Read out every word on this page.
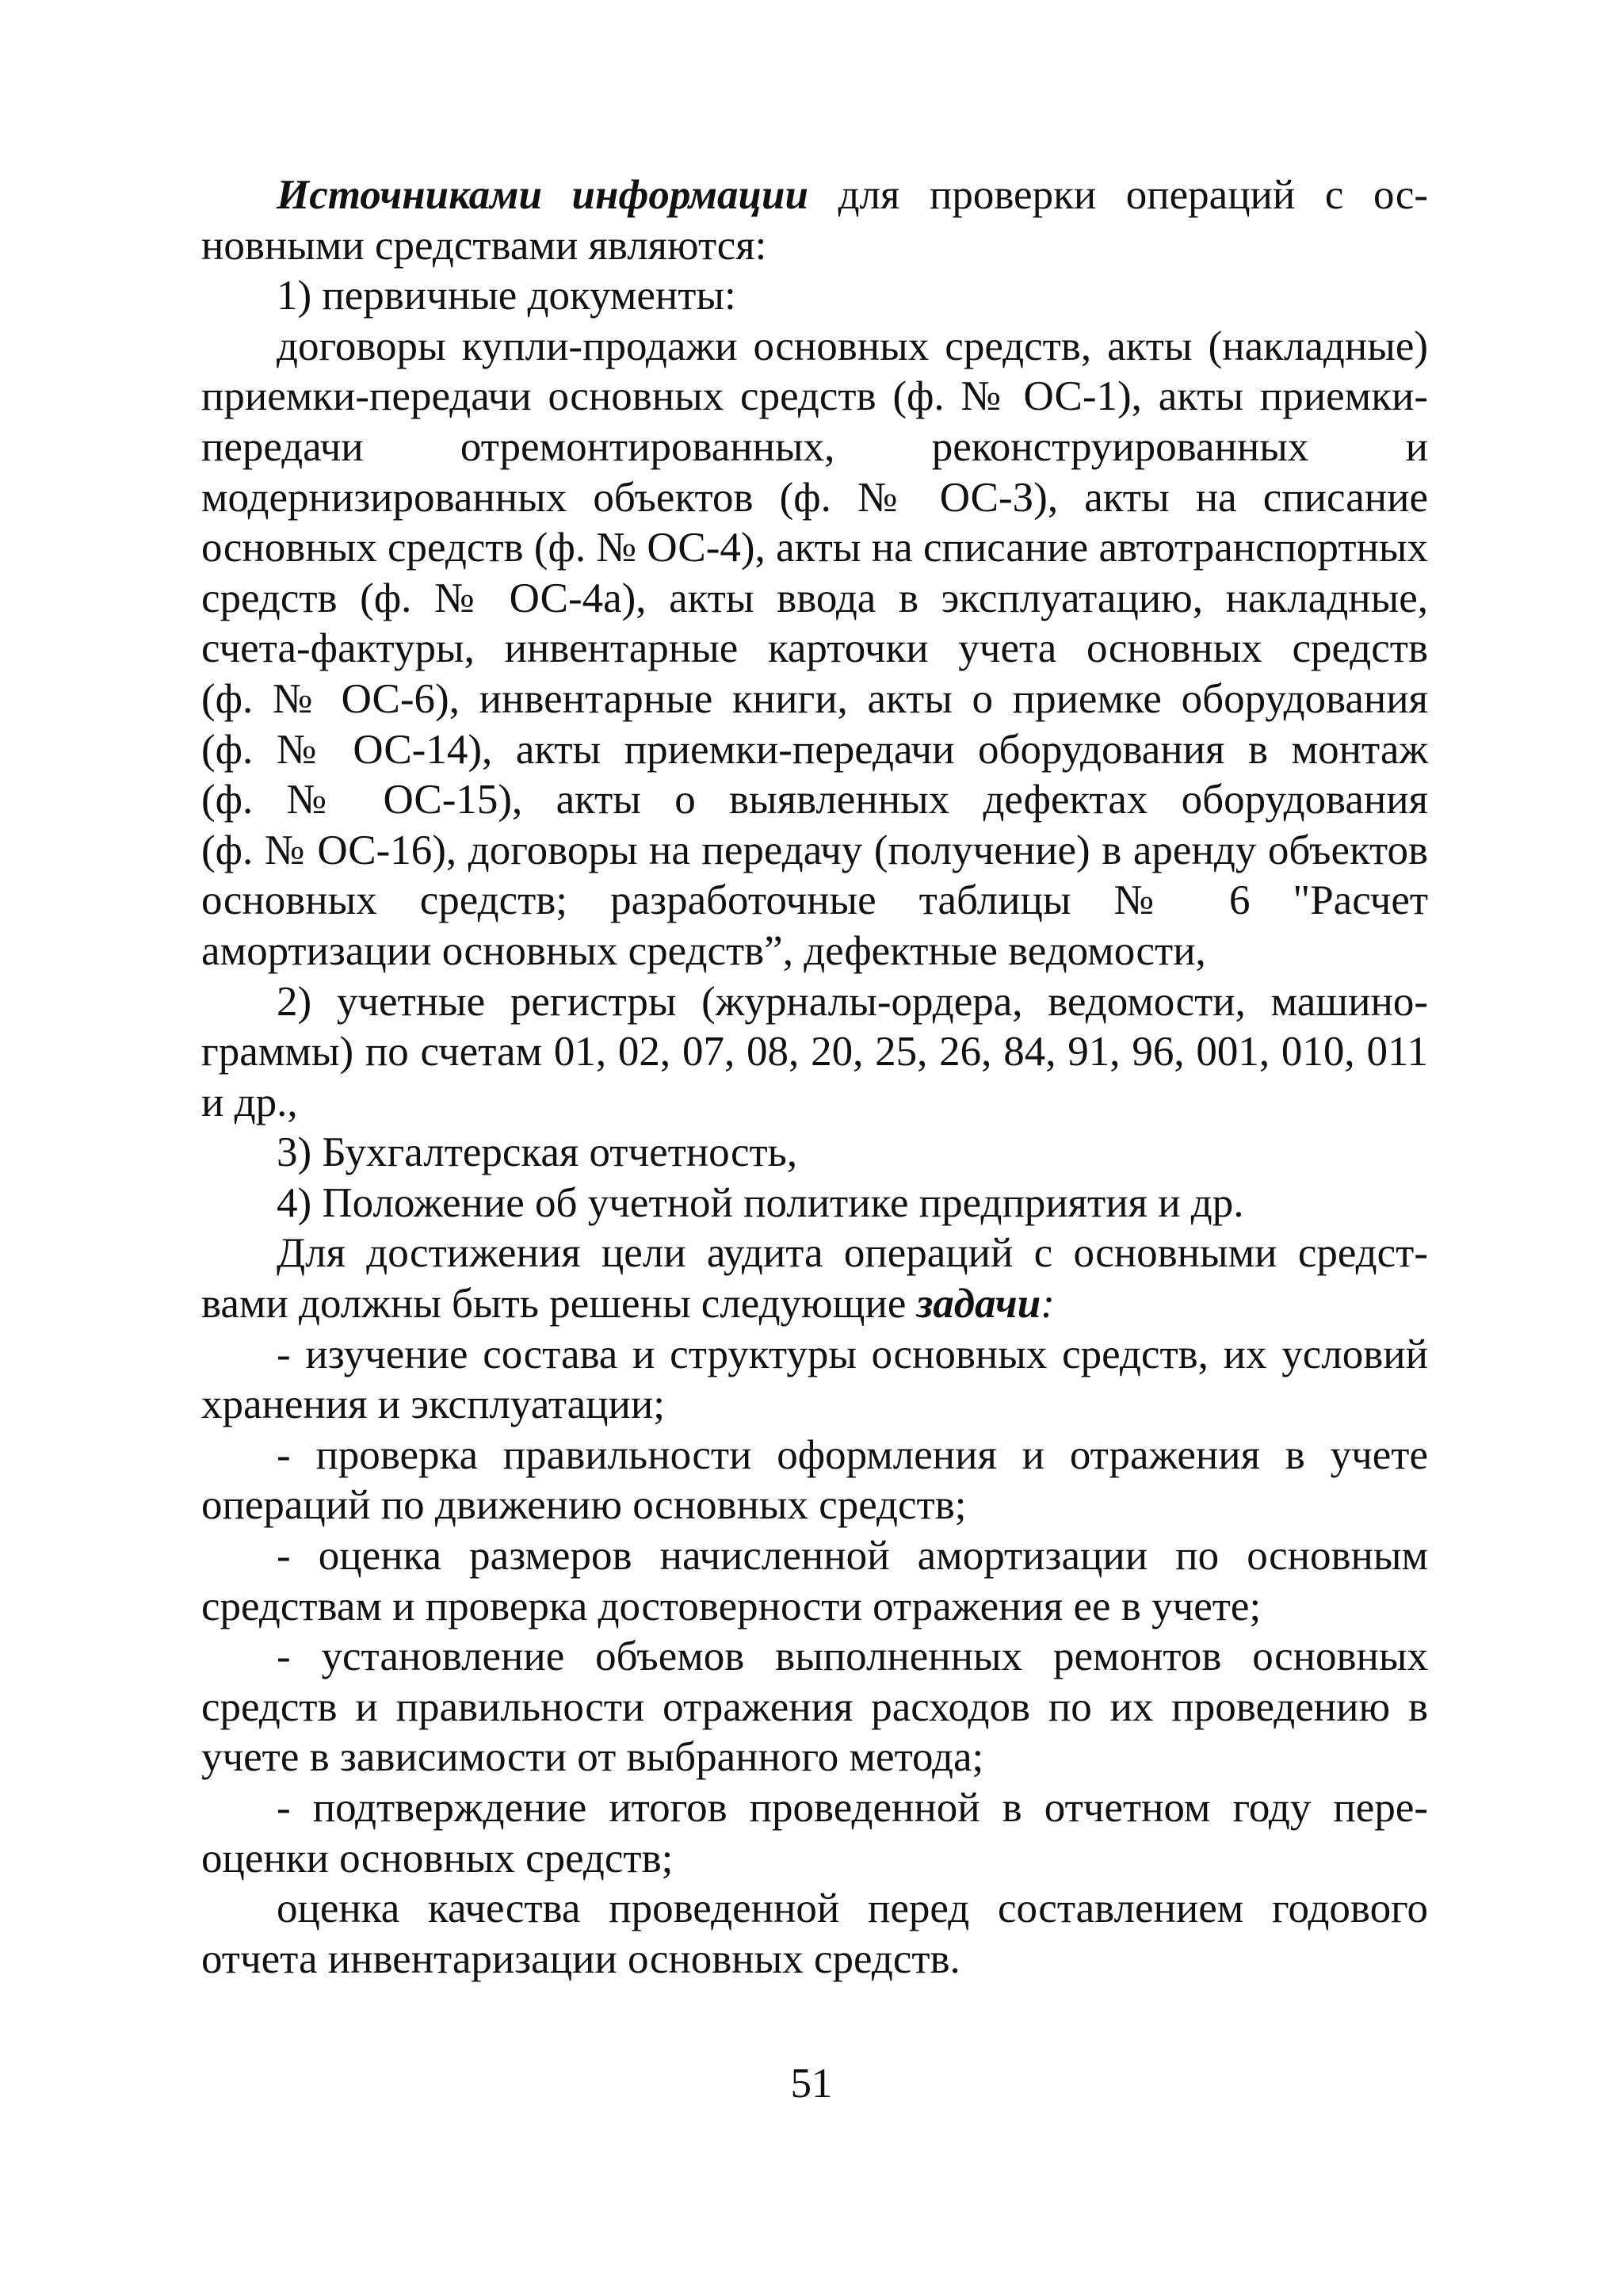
Источниками информации для проверки операций с основными средствами являются:

1) первичные документы:

договоры купли-продажи основных средств, акты (накладные) приемки-передачи основных средств (ф. № ОС-1), акты приемки-передачи отремонтированных, реконструированных и модернизированных объектов (ф. № ОС-З), акты на списание основных средств (ф. № ОС-4), акты на списание автотранспортных средств (ф. № ОС-4а), акты ввода в эксплуатацию, накладные, счета-фактуры, инвентарные карточки учета основных средств (ф. № ОС-6), инвентарные книги, акты о приемке оборудования (ф. № ОС-14), акты приемки-передачи оборудования в монтаж (ф. № ОС-15), акты о выявленных дефектах оборудования (ф. № ОС-16), договоры на передачу (получение) в аренду объектов основных средств; разработочные таблицы № 6 "Расчет амортизации основных средств”, дефектные ведомости,

2) учетные регистры (журналы-ордера, ведомости, машинограммы) по счетам 01, 02, 07, 08, 20, 25, 26, 84, 91, 96, 001, 010, 011 и др.,

3) Бухгалтерская отчетность,

4) Положение об учетной политике предприятия и др.

Для достижения цели аудита операций с основными средствами должны быть решены следующие задачи:

- изучение состава и структуры основных средств, их условий хранения и эксплуатации;

- проверка правильности оформления и отражения в учете операций по движению основных средств;

- оценка размеров начисленной амортизации по основным средствам и проверка достоверности отражения ее в учете;

- установление объемов выполненных ремонтов основных средств и правильности отражения расходов по их проведению в учете в зависимости от выбранного метода;

- подтверждение итогов проведенной в отчетном году переоценки основных средств;

оценка качества проведенной перед составлением годового отчета инвентаризации основных средств.

51
